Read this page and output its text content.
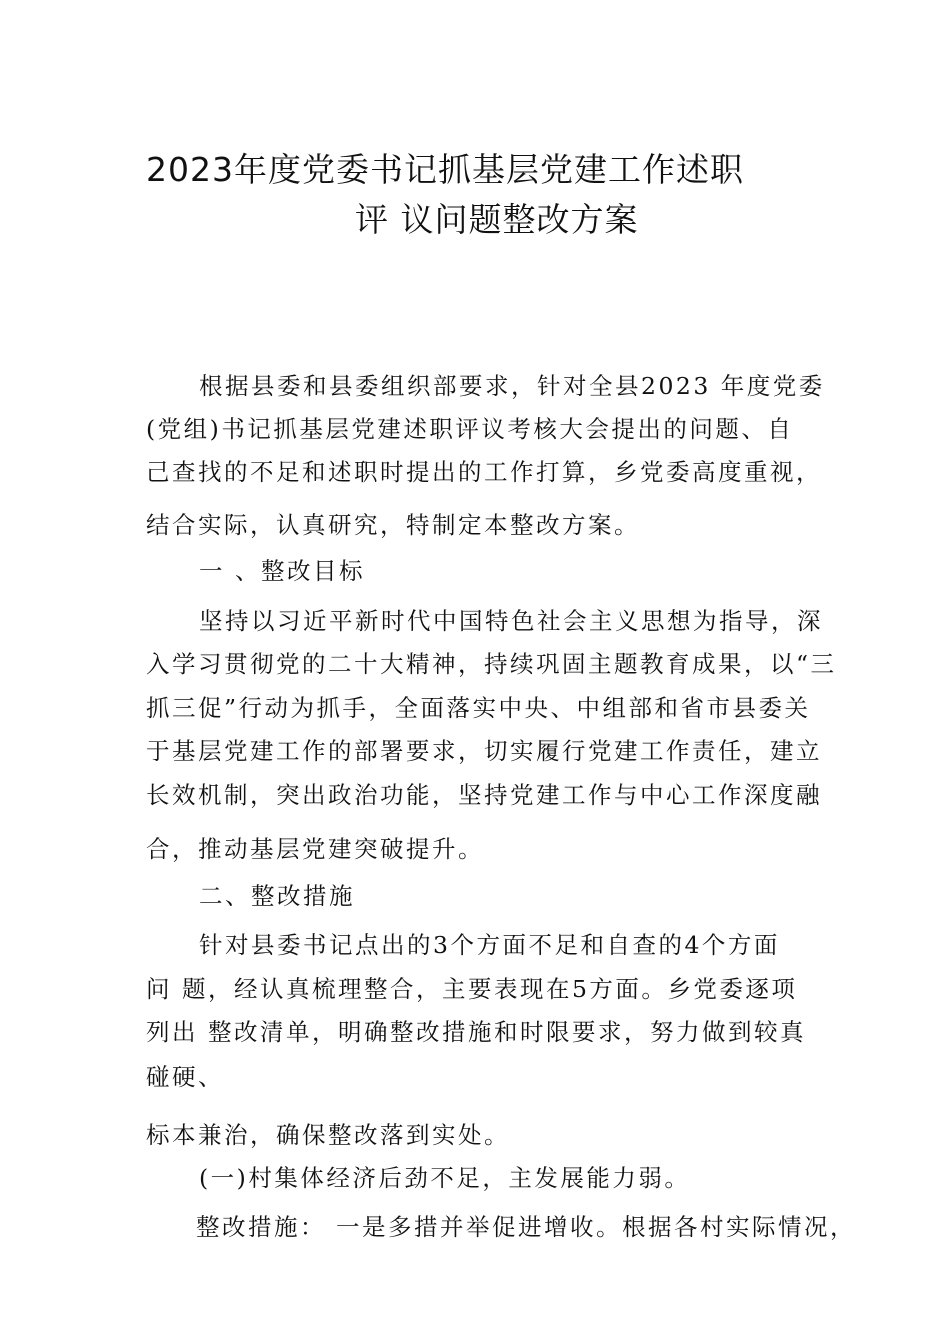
2023年度党委书记抓基层党建工作述职
评 议问题整改方案
根据县委和县委组织部要求，针对全县2023 年度党委
(党组)书记抓基层党建述职评议考核大会提出的问题、自
己查找的不足和述职时提出的工作打算，乡党委高度重视，
结合实际，认真研究，特制定本整改方案。
一 、整改目标
坚持以习近平新时代中国特色社会主义思想为指导，深
入学习贯彻党的二十大精神，持续巩固主题教育成果，以“三
抓三促”行动为抓手，全面落实中央、中组部和省市县委关
于基层党建工作的部署要求，切实履行党建工作责任，建立
长效机制，突出政治功能，坚持党建工作与中心工作深度融
合，推动基层党建突破提升。
二、整改措施
针对县委书记点出的3个方面不足和自查的4个方面
问 题，经认真梳理整合，主要表现在5方面。乡党委逐项
列出 整改清单，明确整改措施和时限要求，努力做到较真
碰硬、
标本兼治，确保整改落到实处。
(一)村集体经济后劲不足，主发展能力弱。
整改措施： 一是多措并举促进增收。根据各村实际情况，
